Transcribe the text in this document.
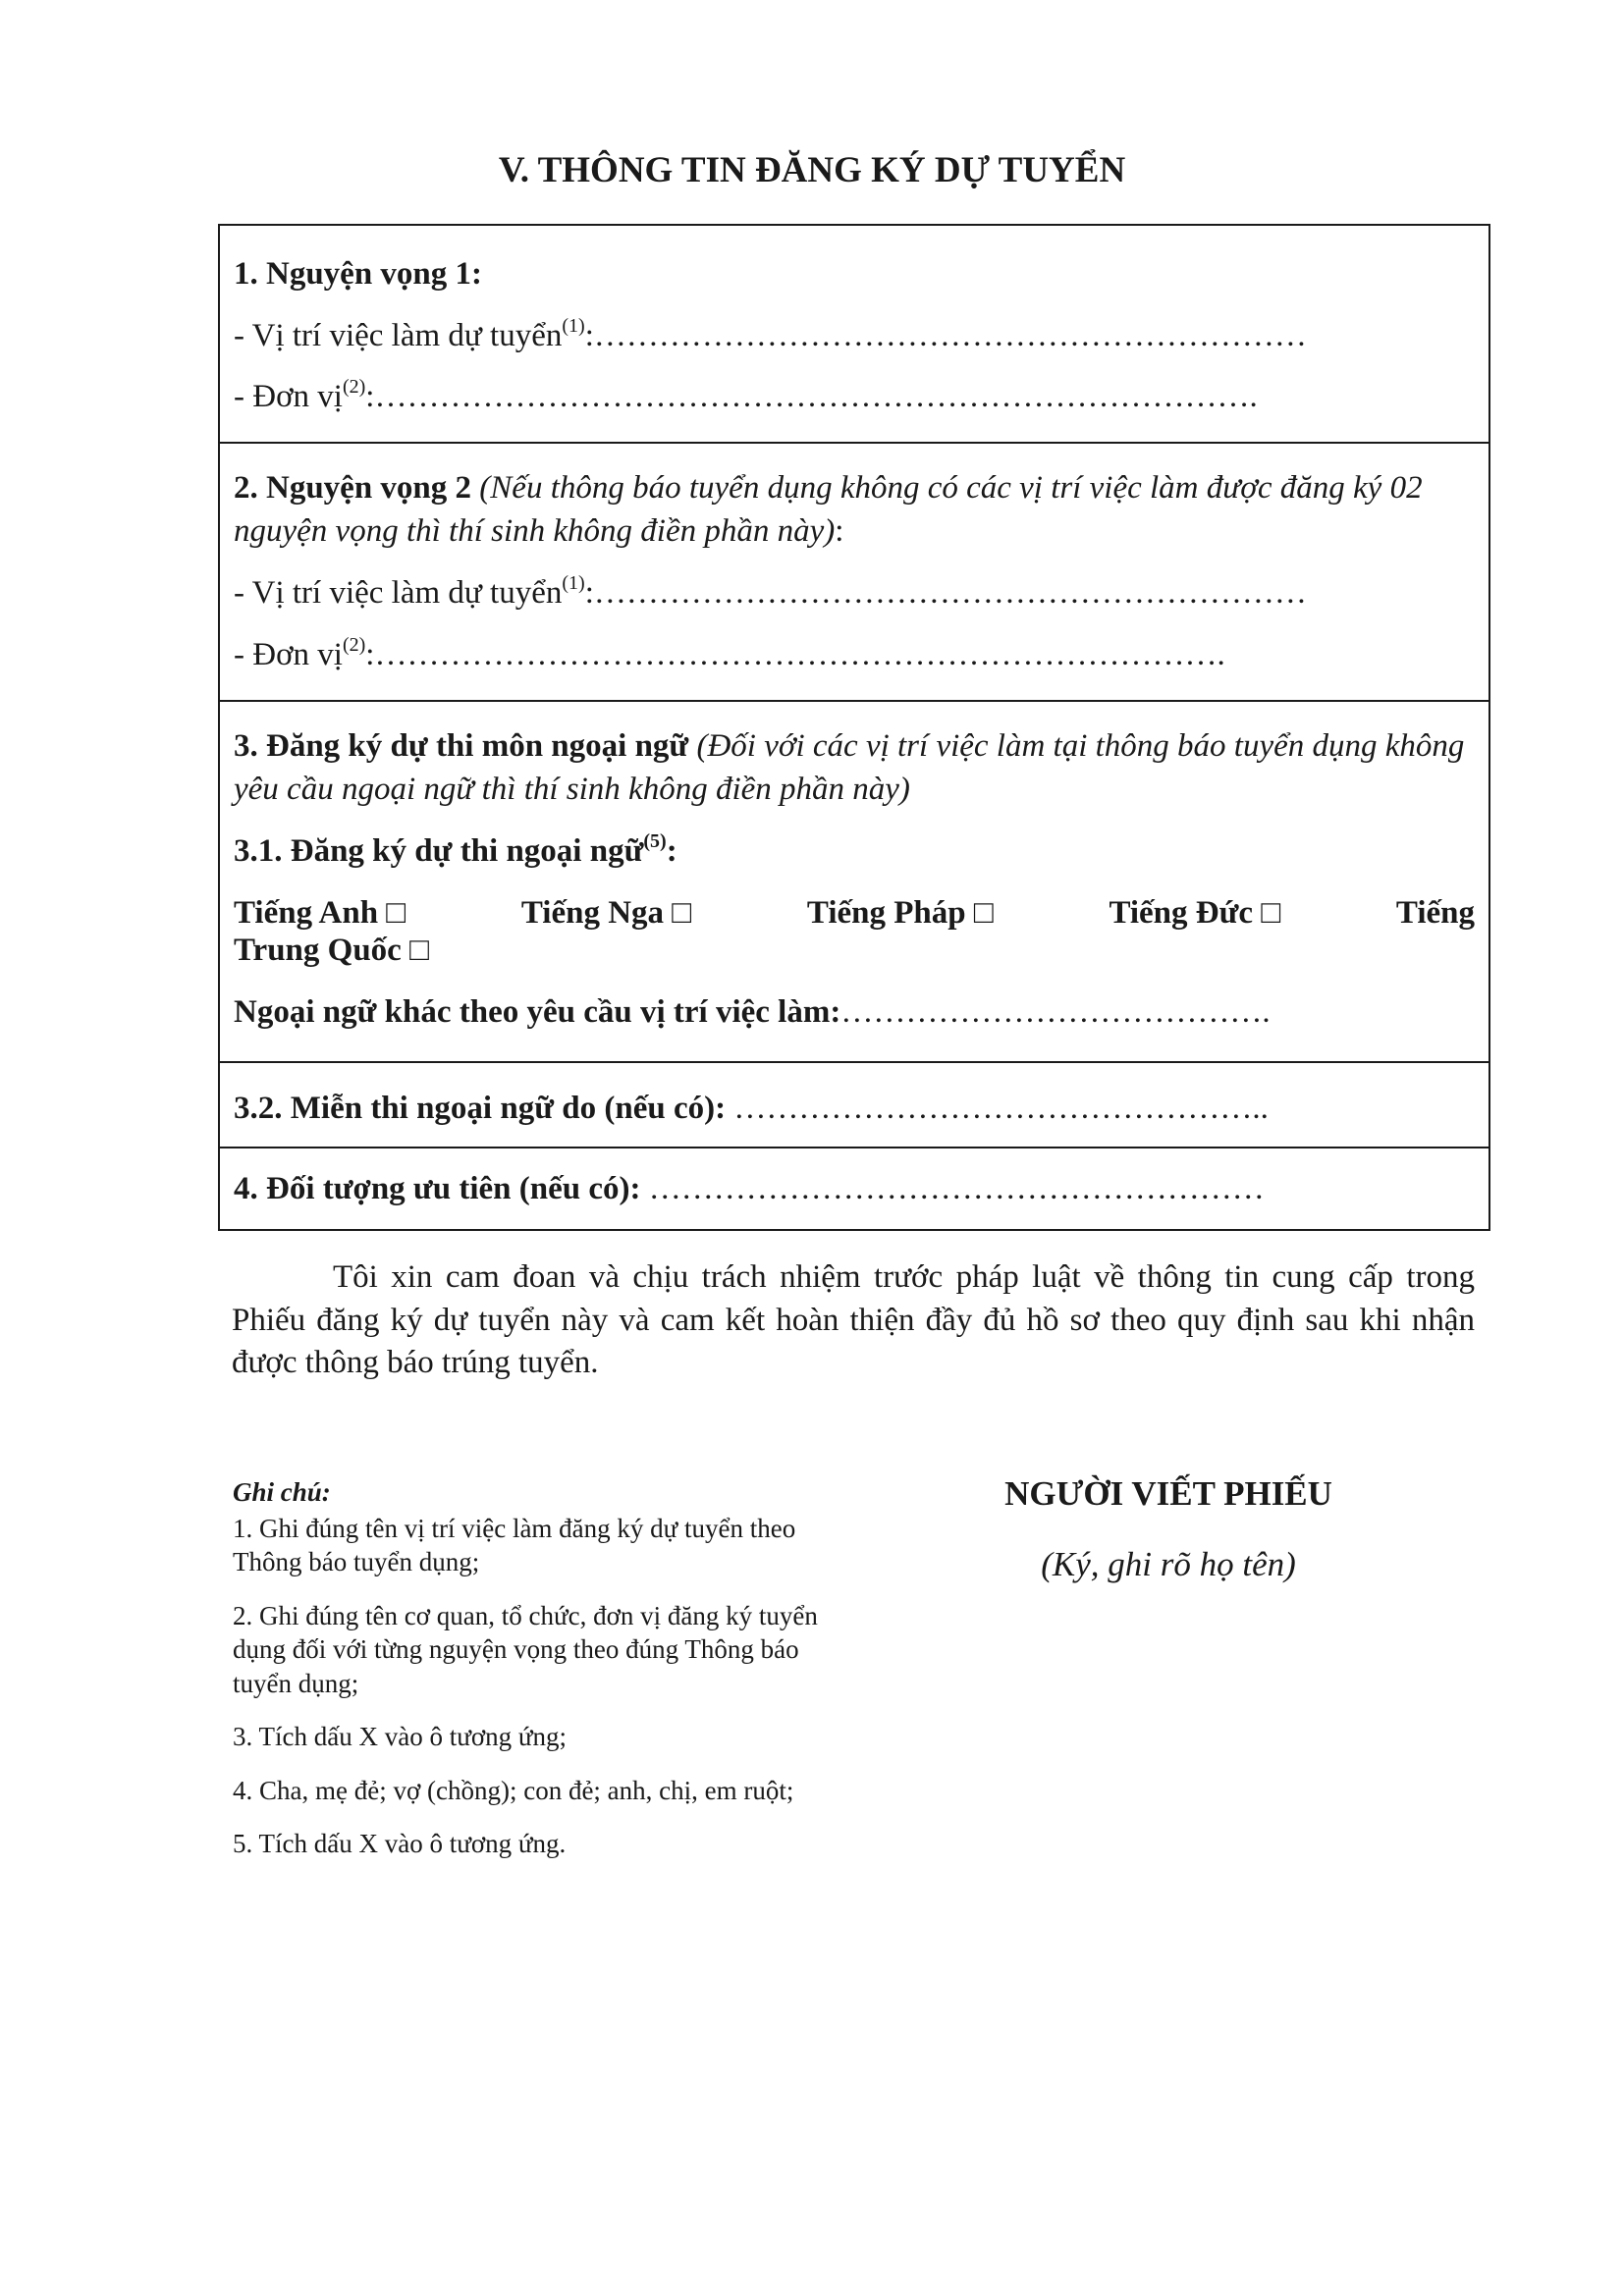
V. THÔNG TIN ĐĂNG KÝ DỰ TUYỂN
1. Nguyện vọng 1:
- Vị trí việc làm dự tuyển$^{(1)}$:…………………………………………………………
- Đơn vị$^{(2)}$:……………………………………………………………………….
2. Nguyện vọng 2 (Nếu thông báo tuyển dụng không có các vị trí việc làm được đăng ký 02 nguyện vọng thì thí sinh không điền phần này):
- Vị trí việc làm dự tuyển$^{(1)}$:…………………………………………………………
- Đơn vị$^{(2)}$:…………………………………………………………………….
3. Đăng ký dự thi môn ngoại ngữ (Đối với các vị trí việc làm tại thông báo tuyển dụng không yêu cầu ngoại ngữ thì thí sinh không điền phần này)
3.1. Đăng ký dự thi ngoại ngữ$^{(5)}$:
Tiếng Anh □	Tiếng Nga □	Tiếng Pháp □	Tiếng Đức □	Tiếng
Trung Quốc □
Ngoại ngữ khác theo yêu cầu vị trí việc làm:………………………………….
3.2. Miễn thi ngoại ngữ do (nếu có): …………………………………………..
4. Đối tượng ưu tiên (nếu có): …………………………………………………

Tôi xin cam đoan và chịu trách nhiệm trước pháp luật về thông tin cung cấp trong Phiếu đăng ký dự tuyển này và cam kết hoàn thiện đầy đủ hồ sơ theo quy định sau khi nhận được thông báo trúng tuyển.

Ghi chú:
1. Ghi đúng tên vị trí việc làm đăng ký dự tuyển theo Thông báo tuyển dụng;
2. Ghi đúng tên cơ quan, tổ chức, đơn vị đăng ký tuyển dụng đối với từng nguyện vọng theo đúng Thông báo tuyển dụng;
3. Tích dấu X vào ô tương ứng;
4. Cha, mẹ đẻ; vợ (chồng); con đẻ; anh, chị, em ruột;
5. Tích dấu X vào ô tương ứng.
NGƯỜI VIẾT PHIẾU
(Ký, ghi rõ họ tên)
